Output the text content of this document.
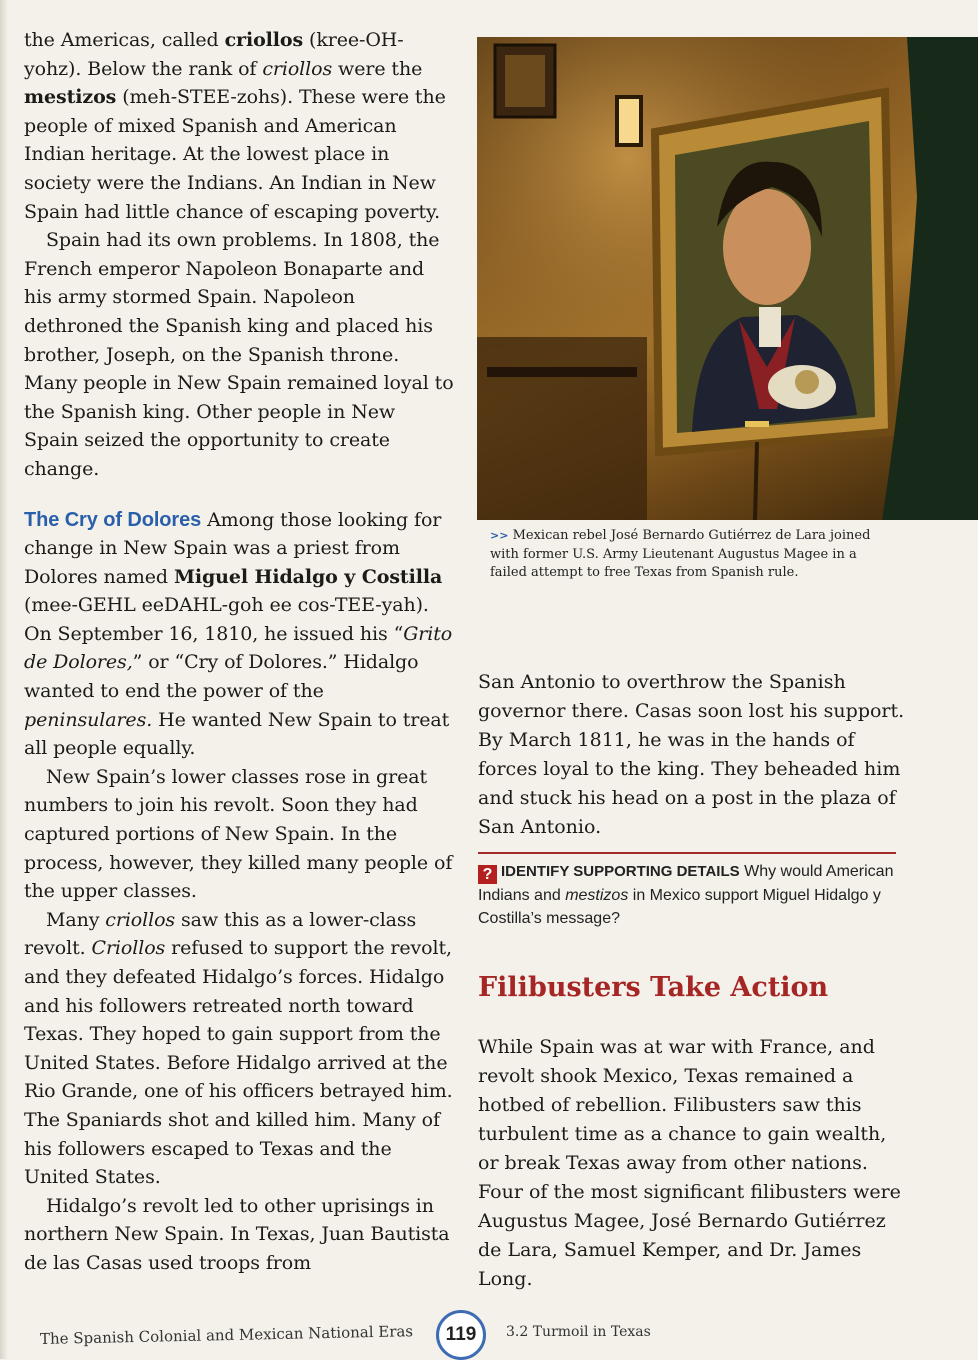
the Americas, called criollos (kree-OH-yohz). Below the rank of criollos were the mestizos (meh-STEE-zohs). These were the people of mixed Spanish and American Indian heritage. At the lowest place in society were the Indians. An Indian in New Spain had little chance of escaping poverty.

Spain had its own problems. In 1808, the French emperor Napoleon Bonaparte and his army stormed Spain. Napoleon dethroned the Spanish king and placed his brother, Joseph, on the Spanish throne. Many people in New Spain remained loyal to the Spanish king. Other people in New Spain seized the opportunity to create change.

The Cry of Dolores Among those looking for change in New Spain was a priest from Dolores named Miguel Hidalgo y Costilla (mee-GEHL eeDAHL-goh ee cos-TEE-yah). On September 16, 1810, he issued his “Grito de Dolores,” or “Cry of Dolores.” Hidalgo wanted to end the power of the peninsulares. He wanted New Spain to treat all people equally.

New Spain’s lower classes rose in great numbers to join his revolt. Soon they had captured portions of New Spain. In the process, however, they killed many people of the upper classes.

Many criollos saw this as a lower-class revolt. Criollos refused to support the revolt, and they defeated Hidalgo’s forces. Hidalgo and his followers retreated north toward Texas. They hoped to gain support from the United States. Before Hidalgo arrived at the Rio Grande, one of his officers betrayed him. The Spaniards shot and killed him. Many of his followers escaped to Texas and the United States.

Hidalgo’s revolt led to other uprisings in northern New Spain. In Texas, Juan Bautista de las Casas used troops from

>> Mexican rebel José Bernardo Gutiérrez de Lara joined with former U.S. Army Lieutenant Augustus Magee in a failed attempt to free Texas from Spanish rule.

San Antonio to overthrow the Spanish governor there. Casas soon lost his support. By March 1811, he was in the hands of forces loyal to the king. They beheaded him and stuck his head on a post in the plaza of San Antonio.

? IDENTIFY SUPPORTING DETAILS Why would American Indians and mestizos in Mexico support Miguel Hidalgo y Costilla’s message?
Filibusters Take Action

While Spain was at war with France, and revolt shook Mexico, Texas remained a hotbed of rebellion. Filibusters saw this turbulent time as a chance to gain wealth, or break Texas away from other nations. Four of the most significant filibusters were Augustus Magee, José Bernardo Gutiérrez de Lara, Samuel Kemper, and Dr. James Long.

The Spanish Colonial and Mexican National Eras	119	3.2 Turmoil in Texas
